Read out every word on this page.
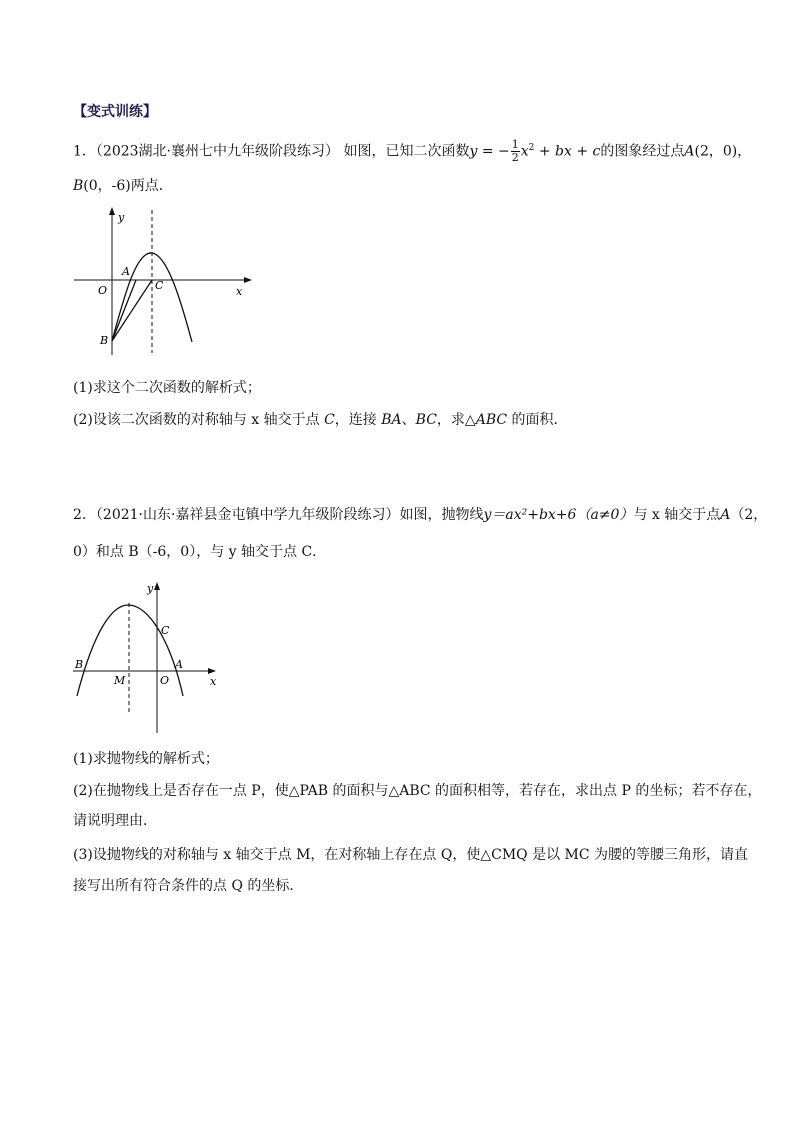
【变式训练】
1．（2023湖北·襄州七中九年级阶段练习） 如图，已知二次函数y = − $\frac{1}{2} x^2$ + bx + c的图象经过点A(2，0)，
B(0，-6)两点．
y
x
O
A
C
B
(1)求这个二次函数的解析式；
(2)设该二次函数的对称轴与 x 轴交于点 C，连接 BA、BC，求△ABC 的面积．
2．（2021·山东·嘉祥县金屯镇中学九年级阶段练习）如图，抛物线y＝ax²+bx+6（a≠0）与 x 轴交于点A（2，
0）和点 B（-6，0），与 y 轴交于点 C．
y
x
C
B	A
M	O
(1)求抛物线的解析式；
(2)在抛物线上是否存在一点 P，使△PAB 的面积与△ABC 的面积相等，若存在，求出点 P 的坐标；若不存在，
请说明理由．
(3)设抛物线的对称轴与 x 轴交于点 M，在对称轴上存在点 Q，使△CMQ 是以 MC 为腰的等腰三角形，请直
接写出所有符合条件的点 Q 的坐标．
